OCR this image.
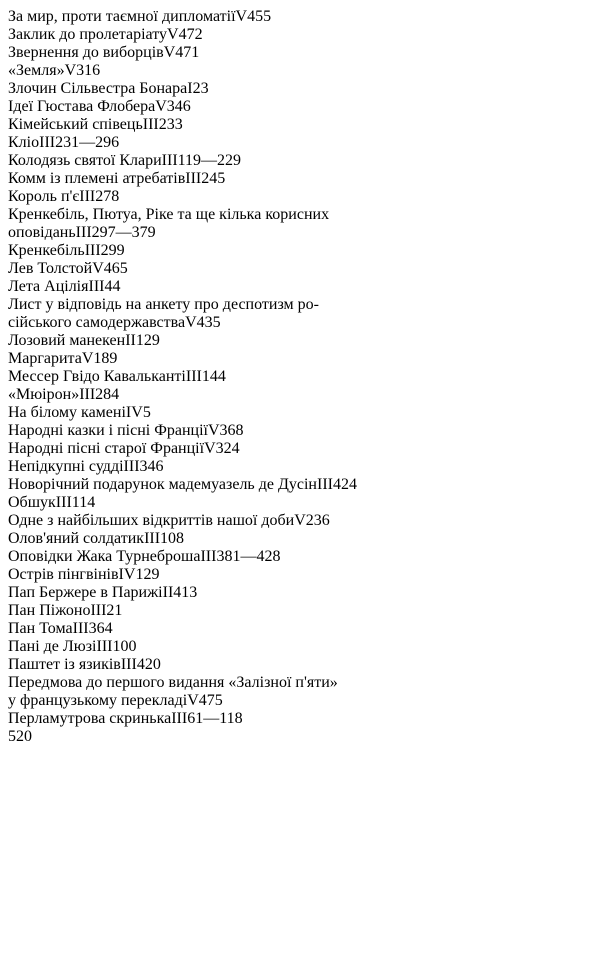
За мир, проти таємної дипломатіїV455
Заклик до пролетаріатуV472
Звернення до виборцівV471
«Земля»V316
Злочин Сільвестра БонараI23
Ідеї Гюстава ФлобераV346
Кімейський співецьIII233
КліоIII231—296
Колодязь святої КлариIII119—229
Комм із племені атребатівIII245
Король п'єIII278
Кренкебіль, Пютуа, Ріке та ще кілька корисних
оповіданьIII297—379
КренкебільIII299
Лев ТолстойV465
Лета АціліяIII44
Лист у відповідь на анкету про деспотизм ро-
сійського самодержавстваV435
Лозовий манекенII129
МаргаритаV189
Мессер Гвідо КавалькантіIII144
«Мюірон»III284
На білому каменіIV5
Народні казки і пісні ФранціїV368
Народні пісні старої ФранціїV324
Непідкупні суддіIII346
Новорічний подарунок мадемуазель де ДусінIII424
ОбшукIII114
Одне з найбільших відкриттів нашої добиV236
Олов'яний солдатикIII108
Оповідки Жака ТурнеброшаIII381—428
Острів пінгвінівIV129
Пап Бержере в ПарижіII413
Пан ПіжоноIII21
Пан ТомаIII364
Пані де ЛюзіIII100
Паштет із язиківIII420
Передмова до першого видання «Залізної п'яти»
у французькому перекладіV475
Перламутрова скринькаIII61—118
520
